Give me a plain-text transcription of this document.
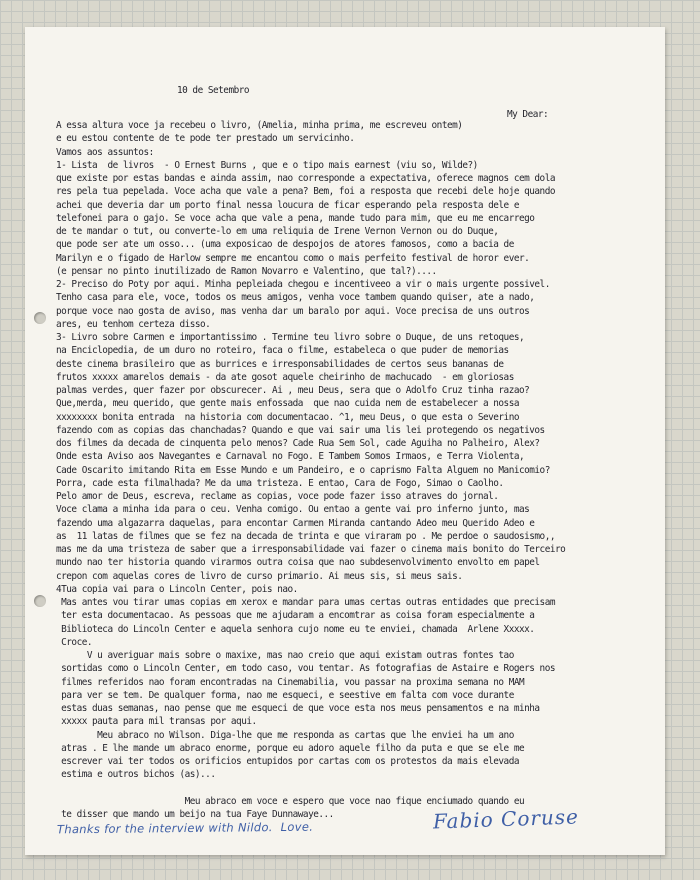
10 de Setembro
My Dear:
A essa altura voce ja recebeu o livro, (Amelia, minha prima, me escreveu ontem)
e eu estou contente de te pode ter prestado um servicinho.
Vamos aos assuntos:
1- Lista  de livros  - O Ernest Burns , que e o tipo mais earnest (viu so, Wilde?)
que existe por estas bandas e ainda assim, nao corresponde a expectativa, oferece magnos cem dola
res pela tua pepelada. Voce acha que vale a pena? Bem, foi a resposta que recebi dele hoje quando
achei que deveria dar um porto final nessa loucura de ficar esperando pela resposta dele e
telefonei para o gajo. Se voce acha que vale a pena, mande tudo para mim, que eu me encarrego
de te mandar o tut, ou converte-lo em uma reliquia de Irene Vernon Vernon ou do Duque,
que pode ser ate um osso... (uma exposicao de despojos de atores famosos, como a bacia de
Marilyn e o figado de Harlow sempre me encantou como o mais perfeito festival de horor ever.
(e pensar no pinto inutilizado de Ramon Novarro e Valentino, que tal?)....
2- Preciso do Poty por aqui. Minha pepleiada chegou e incentiveeo a vir o mais urgente possivel.
Tenho casa para ele, voce, todos os meus amigos, venha voce tambem quando quiser, ate a nado,
porque voce nao gosta de aviso, mas venha dar um baralo por aqui. Voce precisa de uns outros
ares, eu tenhom certeza disso.
3- Livro sobre Carmen e importantissimo . Termine teu livro sobre o Duque, de uns retoques,
na Enciclopedia, de um duro no roteiro, faca o filme, estabeleca o que puder de memorias
deste cinema brasileiro que as burrices e irresponsabilidades de certos seus bananas de
frutos xxxxx amarelos demais - da ate gosot aquele cheirinho de machucado  - em gloriosas
palmas verdes, quer fazer por obscurecer. Ai , meu Deus, sera que o Adolfo Cruz tinha razao?
Que,merda, meu querido, que gente mais enfossada  que nao cuida nem de estabelecer a nossa
xxxxxxxx bonita entrada  na historia com documentacao. ^1, meu Deus, o que esta o Severino
fazendo com as copias das chanchadas? Quando e que vai sair uma lis lei protegendo os negativos
dos filmes da decada de cinquenta pelo menos? Cade Rua Sem Sol, cade Aguiha no Palheiro, Alex?
Onde esta Aviso aos Navegantes e Carnaval no Fogo. E Tambem Somos Irmaos, e Terra Violenta,
Cade Oscarito imitando Rita em Esse Mundo e um Pandeiro, e o caprismo Falta Alguem no Manicomio?
Porra, cade esta filmalhada? Me da uma tristeza. E entao, Cara de Fogo, Simao o Caolho.
Pelo amor de Deus, escreva, reclame as copias, voce pode fazer isso atraves do jornal.
Voce clama a minha ida para o ceu. Venha comigo. Ou entao a gente vai pro inferno junto, mas
fazendo uma algazarra daquelas, para encontar Carmen Miranda cantando Adeo meu Querido Adeo e
as  11 latas de filmes que se fez na decada de trinta e que viraram po . Me perdoe o saudosismo,,
mas me da uma tristeza de saber que a irresponsabilidade vai fazer o cinema mais bonito do Terceiro
mundo nao ter historia quando virarmos outra coisa que nao subdesenvolvimento envolto em papel
crepon com aquelas cores de livro de curso primario. Ai meus sis, si meus sais.
4Tua copia vai para o Lincoln Center, pois nao.
Mas antes vou tirar umas copias em xerox e mandar para umas certas outras entidades que precisam
ter esta documentacao. As pessoas que me ajudaram a encomtrar as coisa foram especialmente a
Biblioteca do Lincoln Center e aquela senhora cujo nome eu te enviei, chamada  Arlene Xxxxx.
Croce.
V u averiguar mais sobre o maxixe, mas nao creio que aqui existam outras fontes tao
sortidas como o Lincoln Center, em todo caso, vou tentar. As fotografias de Astaire e Rogers nos
filmes referidos nao foram encontradas na Cinemabilia, vou passar na proxima semana no MAM
para ver se tem. De qualquer forma, nao me esqueci, e seestive em falta com voce durante
estas duas semanas, nao pense que me esqueci de que voce esta nos meus pensamentos e na minha
xxxxx pauta para mil transas por aqui.
Meu abraco no Wilson. Diga-lhe que me responda as cartas que lhe enviei ha um ano
atras . E lhe mande um abraco enorme, porque eu adoro aquele filho da puta e que se ele me
escrever vai ter todos os orificios entupidos por cartas com os protestos da mais elevada
estima e outros bichos (as)...
Meu abraco em voce e espero que voce nao fique enciumado quando eu
te disser que mando um beijo na tua Faye Dunnawaye...
Thanks for the interview with Nildo.  Love.	Fabio Coruse
